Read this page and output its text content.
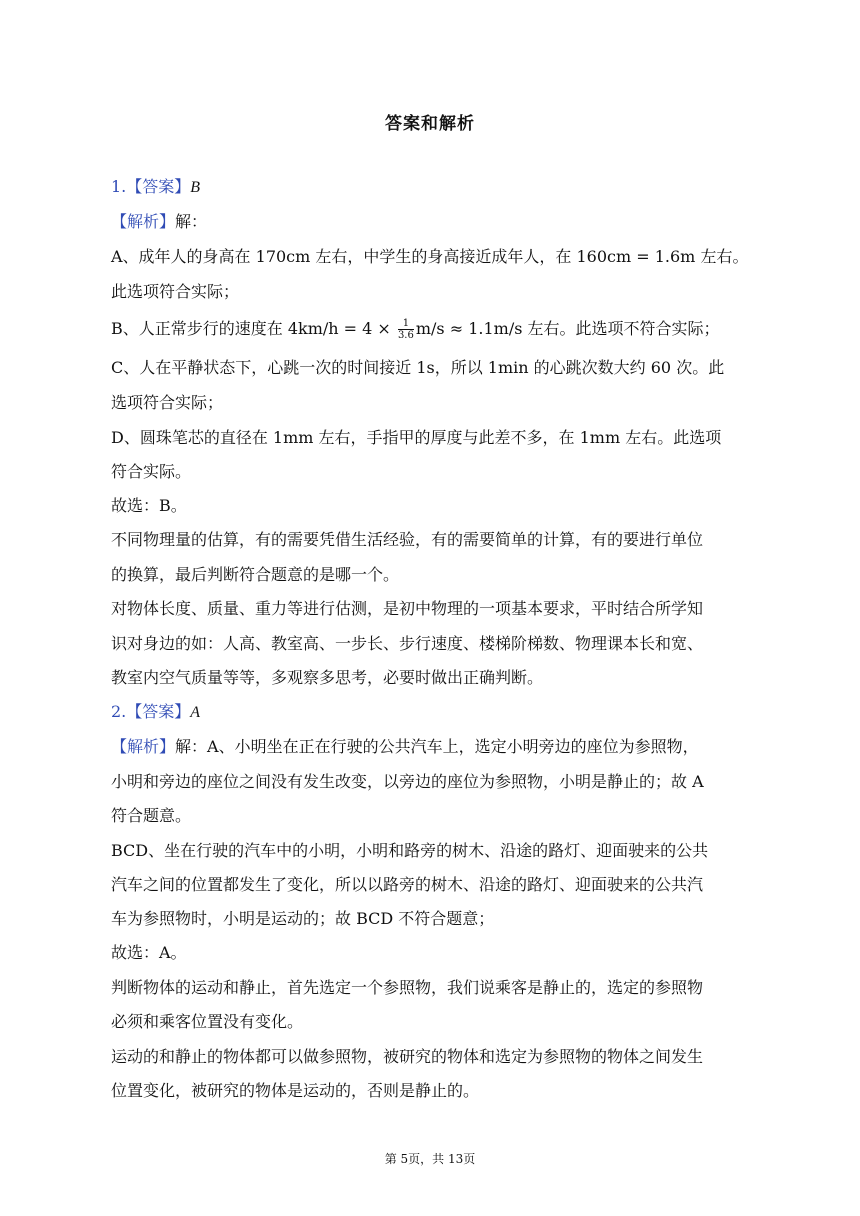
答案和解析
1.【答案】B
【解析】解：
A、成年人的身高在 170cm 左右，中学生的身高接近成年人，在 160cm = 1.6m 左右。
此选项符合实际；
B、人正常步行的速度在 $4km/h = 4 \times \frac{1}{3.6} m/s \approx 1.1m/s$ 左右。此选项不符合实际；
C、人在平静状态下，心跳一次的时间接近 1s，所以 1min 的心跳次数大约 60 次。此
选项符合实际；
D、圆珠笔芯的直径在 1mm 左右，手指甲的厚度与此差不多，在 1mm 左右。此选项
符合实际。
故选：B。
不同物理量的估算，有的需要凭借生活经验，有的需要简单的计算，有的要进行单位
的换算，最后判断符合题意的是哪一个。
对物体长度、质量、重力等进行估测，是初中物理的一项基本要求，平时结合所学知
识对身边的如：人高、教室高、一步长、步行速度、楼梯阶梯数、物理课本长和宽、
教室内空气质量等等，多观察多思考，必要时做出正确判断。
2.【答案】A
【解析】解：A、小明坐在正在行驶的公共汽车上，选定小明旁边的座位为参照物，
小明和旁边的座位之间没有发生改变，以旁边的座位为参照物，小明是静止的；故 A
符合题意。
BCD、坐在行驶的汽车中的小明，小明和路旁的树木、沿途的路灯、迎面驶来的公共
汽车之间的位置都发生了变化，所以以路旁的树木、沿途的路灯、迎面驶来的公共汽
车为参照物时，小明是运动的；故 BCD 不符合题意；
故选：A。
判断物体的运动和静止，首先选定一个参照物，我们说乘客是静止的，选定的参照物
必须和乘客位置没有变化。
运动的和静止的物体都可以做参照物，被研究的物体和选定为参照物的物体之间发生
位置变化，被研究的物体是运动的，否则是静止的。
第 5页，共 13页
